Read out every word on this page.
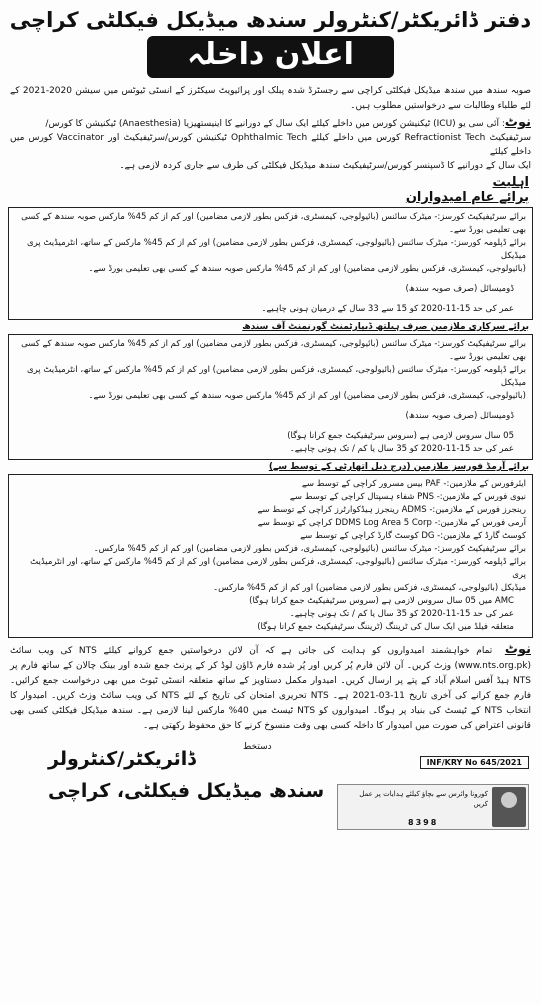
دفتر ڈائریکٹر/کنٹرولر سندھ میڈیکل فیکلٹی کراچی
اعلان داخلہ
صوبہ سندھ میں سندھ میڈیکل فیکلٹی کراچی سے رجسٹرڈ شدہ پبلک اور پرائیویٹ سیکٹرز کے انسٹی ٹیوٹس میں سیشن 2020-2021 کے لئے طلباء وطالبات سے درخواستیں مطلوب ہیں۔
نوٹ: آئی سی یو (ICU) ٹیکنیشن کورس میں داخلے کیلئے ایک سال کے دورانیے کا اینیستھیزیا (Anaesthesia) ٹیکنیشن کا کورس/
سرٹیفیکیٹ Refractionist Tech کورس میں داخلے کیلئے Ophthalmic Tech ٹیکنیشن کورس/سرٹیفیکیٹ اور Vaccinator کورس میں داخلے کیلئے
ایک سال کے دورانیے کا ڈسپنسر کورس/سرٹیفیکیٹ سندھ میڈیکل فیکلٹی کی طرف سے جاری کردہ لازمی ہے۔
اہلیت
برائے عام امیدواران
برائے سرٹیفیکیٹ کورسز:- میٹرک سائنس (بائیولوجی، کیمسٹری، فزکس بطور لازمی مضامین) اور کم از کم 45% مارکس صوبہ سندھ کے کسی بھی تعلیمی بورڈ سے۔
برائے ڈپلومہ کورسز:- میٹرک سائنس (بائیولوجی، کیمسٹری، فزکس بطور لازمی مضامین) اور کم از کم 45% مارکس کے ساتھ، انٹرمیڈیٹ پری میڈیکل
(بائیولوجی، کیمسٹری، فزکس بطور لازمی مضامین) اور کم از کم 45% مارکس صوبہ سندھ کے کسی بھی تعلیمی بورڈ سے۔
ڈومیسائل (صرف صوبہ سندھ)
عمر کی حد 15-11-2020 کو 15 سے 33 سال کے درمیان ہونی چاہیے۔
برائے سرکاری ملازمین صرف ہیلتھ ڈیپارٹمنٹ گورنمنٹ آف سندھ
برائے سرٹیفیکیٹ کورسز:- میٹرک سائنس (بائیولوجی، کیمسٹری، فزکس بطور لازمی مضامین) اور کم از کم 45% مارکس صوبہ سندھ کے کسی بھی تعلیمی بورڈ سے۔
برائے ڈپلومہ کورسز:- میٹرک سائنس (بائیولوجی، کیمسٹری، فزکس بطور لازمی مضامین) اور کم از کم 45% مارکس کے ساتھ، انٹرمیڈیٹ پری میڈیکل
(بائیولوجی، کیمسٹری، فزکس بطور لازمی مضامین) اور کم از کم 45% مارکس صوبہ سندھ کے کسی بھی تعلیمی بورڈ سے۔
ڈومیسائل (صرف صوبہ سندھ)
05 سال سروس لازمی ہے (سروس سرٹیفیکیٹ جمع کرانا ہوگا)
عمر کی حد 15-11-2020 کو 35 سال یا کم / تک ہونی چاہیے۔
برائے آرمڈ فورسز ملازمین (درج ذیل اتھارٹی کے توسط سے)
ایئرفورس کے ملازمین:- PAF بیس مسرور کراچی کے توسط سے
نیوی فورس کے ملازمین:- PNS شفاء ہسپتال کراچی کے توسط سے
رینجرز فورس کے ملازمین:- ADMS رینجرز ہیڈکوارٹرز کراچی کے توسط سے
آرمی فورس کے ملازمین:- DDMS Log Area 5 Corp کراچی کے توسط سے
کوسٹ گارڈ کے ملازمین:- DG کوسٹ گارڈ کراچی کے توسط سے
برائے سرٹیفیکیٹ کورسز:- میٹرک سائنس (بائیولوجی، کیمسٹری، فزکس بطور لازمی مضامین) اور کم از کم 45% مارکس۔
برائے ڈپلومہ کورسز:- میٹرک سائنس (بائیولوجی، کیمسٹری، فزکس بطور لازمی مضامین) اور کم از کم 45% مارکس کے ساتھ، اور انٹرمیڈیٹ پری
میڈیکل (بائیولوجی، کیمسٹری، فزکس بطور لازمی مضامین) اور کم از کم 45% مارکس۔
AMC میں 05 سال سروس لازمی ہے (سروس سرٹیفیکیٹ جمع کرانا ہوگا)
عمر کی حد 15-11-2020 کو 35 سال یا کم / تک ہونی چاہیے۔
متعلقہ فیلڈ میں ایک سال کی ٹریننگ (ٹریننگ سرٹیفیکیٹ جمع کرانا ہوگا)
نوٹ تمام خواہشمند امیدواروں کو ہدایت کی جاتی ہے کہ آن لائن درخواستیں جمع کروانے کیلئے NTS کی ویب سائٹ (www.nts.org.pk) وزٹ کریں۔ آن لائن فارم پُر کریں اور پُر شدہ فارم ڈاؤن لوڈ کر کے پرنٹ جمع شدہ اور بینک چالان کے ساتھ فارم پر NTS ہیڈ آفس اسلام آباد کے پتے پر ارسال کریں۔ امیدوار مکمل دستاویز کے ساتھ متعلقہ انسٹی ٹیوٹ میں بھی درخواست جمع کرائیں۔ فارم جمع کرانے کی آخری تاریخ 11-03-2021 ہے۔ NTS تحریری امتحان کی تاریخ کے لئے NTS کی ویب سائٹ وزٹ کریں۔ امیدوار کا انتخاب NTS کے ٹیسٹ کی بنیاد پر ہوگا۔ امیدواروں کو NTS ٹیسٹ میں 40% مارکس لینا لازمی ہے۔ سندھ میڈیکل فیکلٹی کسی بھی قانونی اعتراض کی صورت میں امیدوار کا داخلہ کسی بھی وقت منسوخ کرنے کا حق محفوظ رکھتی ہے۔
دستخط
ڈائریکٹر/کنٹرولر
سندھ میڈیکل فیکلٹی، کراچی
INF/KRY No 645/2021
کورونا وائرس سے بچاؤ کیلئے ہدایات پر عمل کریں
8398
